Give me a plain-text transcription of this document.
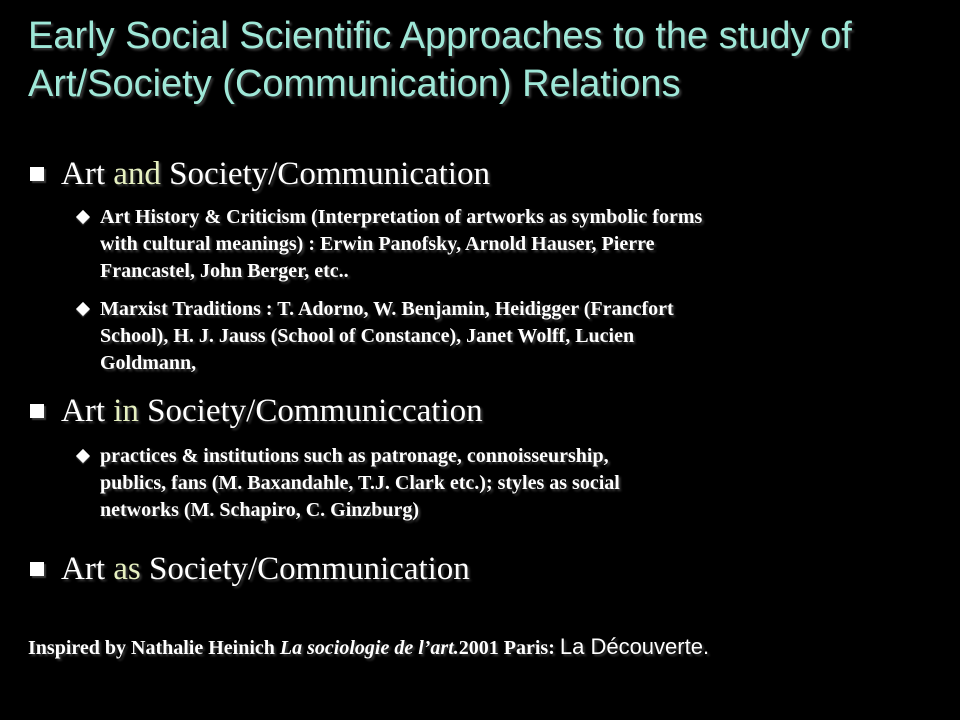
Early Social Scientific Approaches to the study of
Art/Society (Communication) Relations
Art and Society/Communication
Art History & Criticism (Interpretation of artworks as symbolic forms
with cultural meanings) : Erwin Panofsky, Arnold Hauser, Pierre
Francastel, John Berger, etc..
Marxist Traditions : T. Adorno, W. Benjamin, Heidigger (Francfort
School), H. J. Jauss (School of Constance), Janet Wolff, Lucien
Goldmann,
Art in Society/Communiccation
practices & institutions such as patronage, connoisseurship,
publics, fans (M. Baxandahle, T.J. Clark etc.); styles as social
networks (M. Schapiro, C. Ginzburg)
Art as Society/Communication
Inspired by Nathalie Heinich La sociologie de l’art.2001 Paris: La Découverte.
